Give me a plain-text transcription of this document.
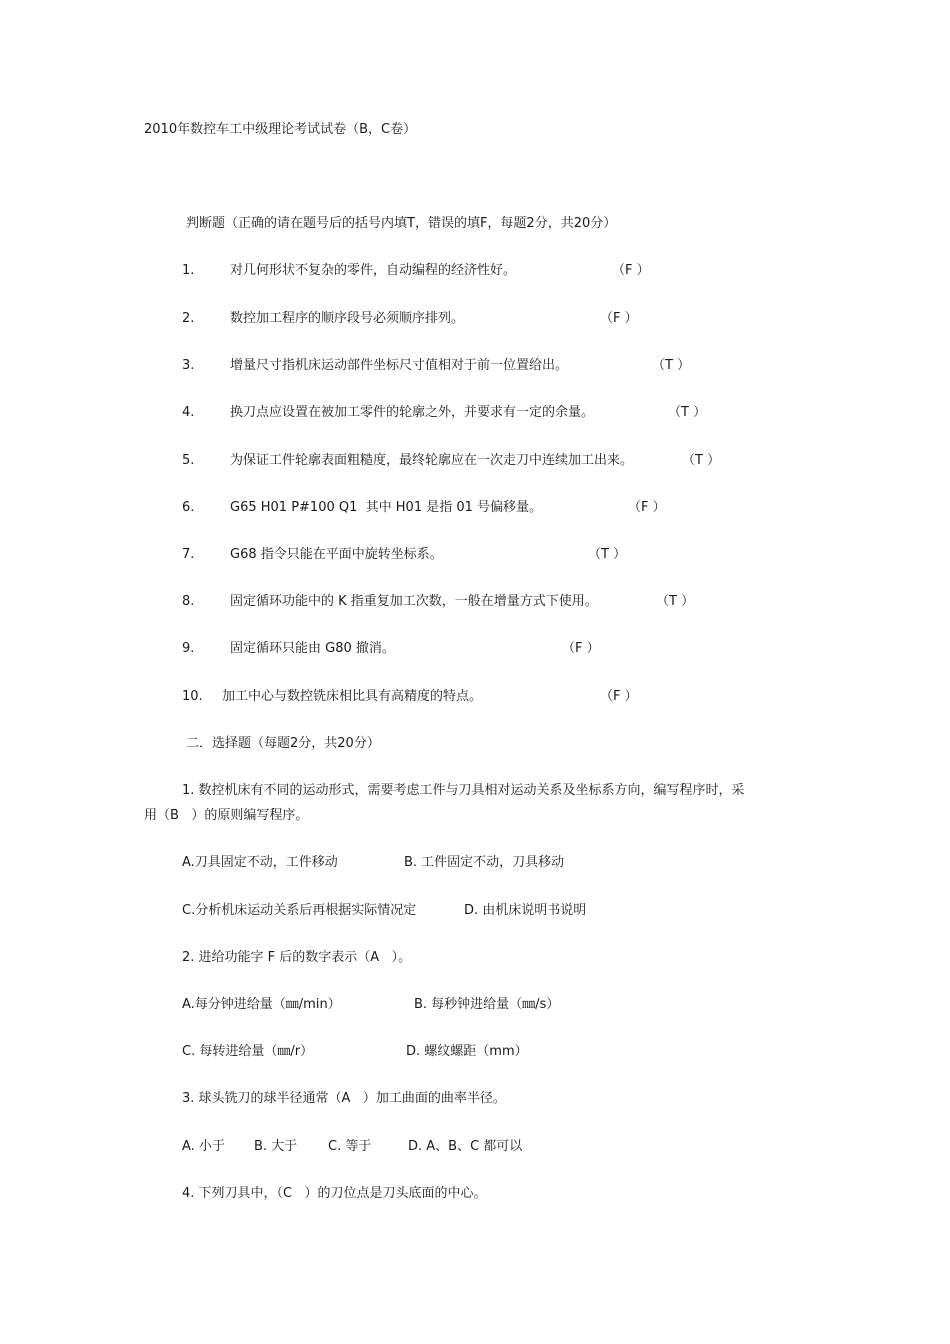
2010年数控车工中级理论考试试卷（B，C卷）
判断题（正确的请在题号后的括号内填T，错误的填F，每题2分，共20分）
1.	对几何形状不复杂的零件，自动编程的经济性好。	（F ）
2.	数控加工程序的顺序段号必须顺序排列。	（F ）
3.	增量尺寸指机床运动部件坐标尺寸值相对于前一位置给出。	（T ）
4.	换刀点应设置在被加工零件的轮廓之外，并要求有一定的余量。	（T ）
5.	为保证工件轮廓表面粗糙度，最终轮廓应在一次走刀中连续加工出来。	（T ）
6.	G65 H01 P#100 Q1  其中 H01 是指 01 号偏移量。	（F ）
7.	G68 指令只能在平面中旋转坐标系。	（T ）
8.	固定循环功能中的 K 指重复加工次数，一般在增量方式下使用。	（T ）
9.	固定循环只能由 G80 撤消。	（F ）
10. 加工中心与数控铣床相比具有高精度的特点。	（F ）
二．选择题（每题2分，共20分）
1. 数控机床有不同的运动形式，需要考虑工件与刀具相对运动关系及坐标系方向，编写程序时，采
用（B   ）的原则编写程序。
A.刀具固定不动，工件移动	B. 工件固定不动，刀具移动
C.分析机床运动关系后再根据实际情况定	D. 由机床说明书说明
2. 进给功能字 F 后的数字表示（A   ）。
A.每分钟进给量（㎜/min）	B. 每秒钟进给量（㎜/s）
C. 每转进给量（㎜/r）	D. 螺纹螺距（mm）
3. 球头铣刀的球半径通常（A   ）加工曲面的曲率半径。
A. 小于 B. 大于 C. 等于	D. A、B、C 都可以
4. 下列刀具中，（C   ）的刀位点是刀头底面的中心。
